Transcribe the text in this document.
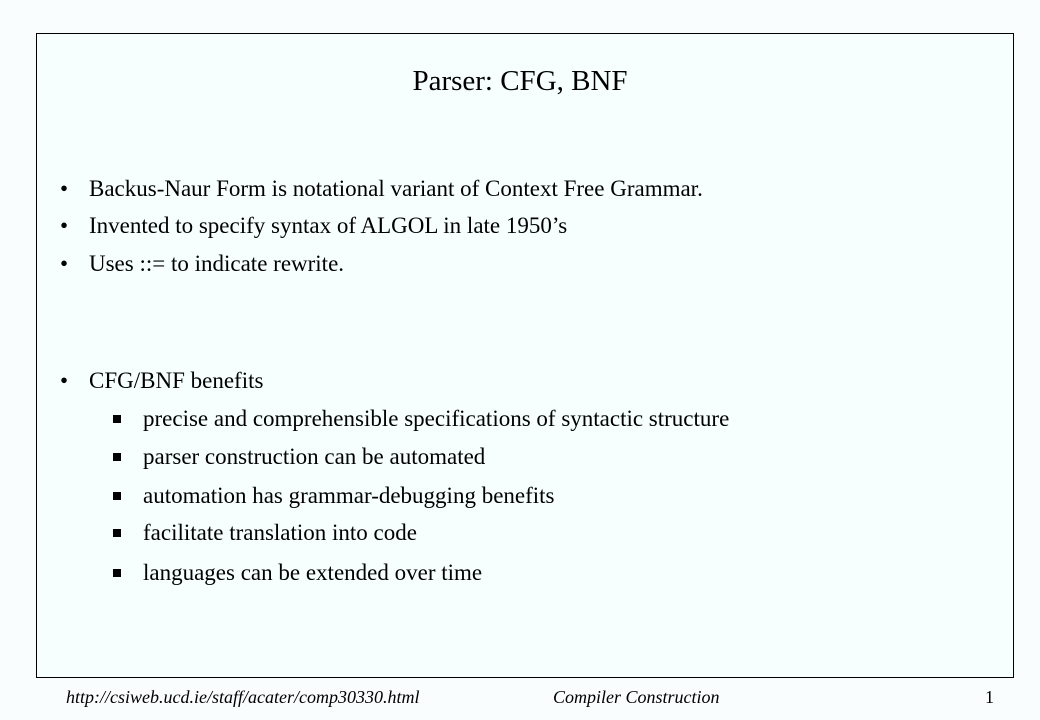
Parser: CFG, BNF
• Backus-Naur Form is notational variant of Context Free Grammar.
• Invented to specify syntax of ALGOL in late 1950’s
• Uses ::= to indicate rewrite.
• CFG/BNF benefits
precise and comprehensible specifications of syntactic structure
parser construction can be automated
automation has grammar-debugging benefits
facilitate translation into code
languages can be extended over time
http://csiweb.ucd.ie/staff/acater/comp30330.html	Compiler Construction	1
